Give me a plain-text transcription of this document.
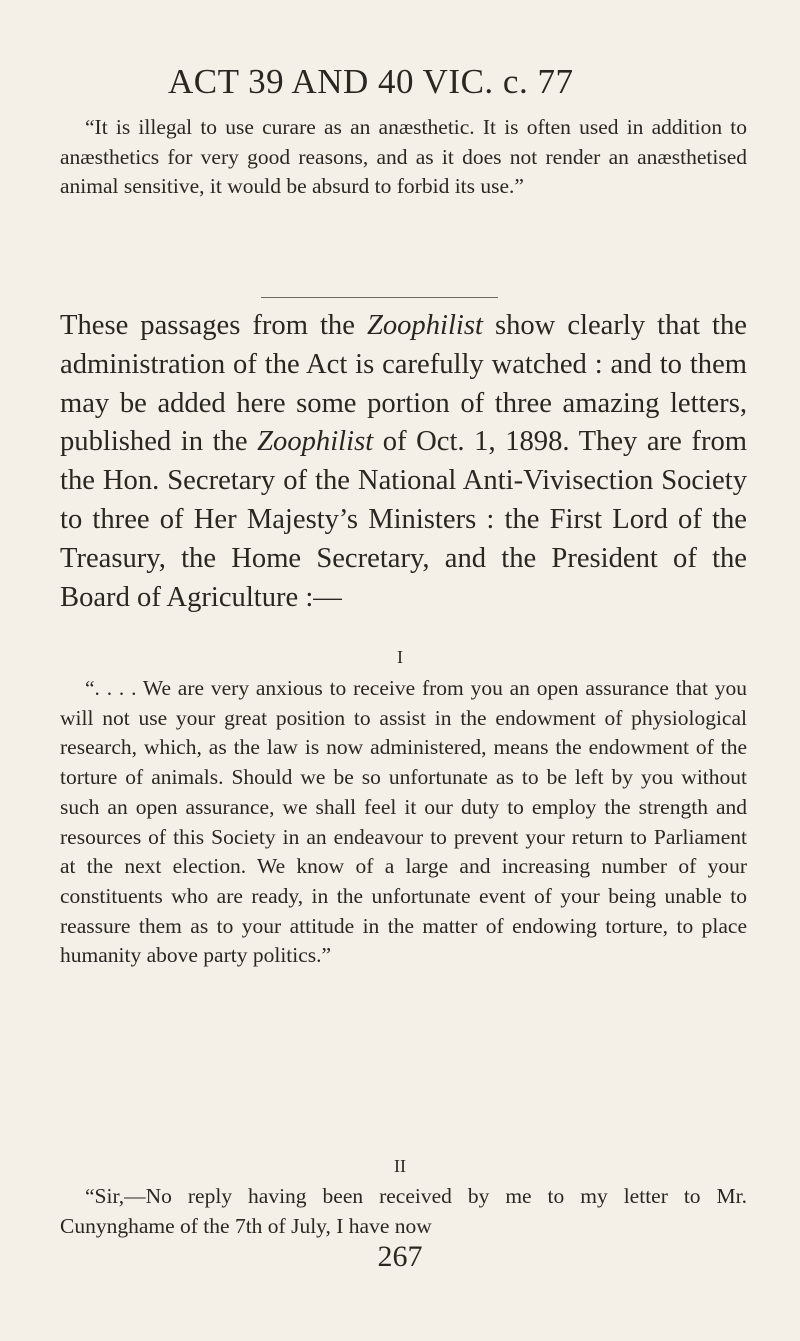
ACT 39 AND 40 VIC. c. 77

“It is illegal to use curare as an anæsthetic. It is often used in addition to anæsthetics for very good reasons, and as it does not render an anæsthetised animal sensitive, it would be absurd to forbid its use.”

These passages from the Zoophilist show clearly that the administration of the Act is carefully watched : and to them may be added here some portion of three amazing letters, published in the Zoophilist of Oct. 1, 1898. They are from the Hon. Secretary of the National Anti-Vivisection Society to three of Her Majesty’s Ministers : the First Lord of the Treasury, the Home Secretary, and the President of the Board of Agriculture :—

I

“. . . . We are very anxious to receive from you an open assurance that you will not use your great position to assist in the endowment of physiological research, which, as the law is now administered, means the endowment of the torture of animals. Should we be so unfortunate as to be left by you without such an open assurance, we shall feel it our duty to employ the strength and resources of this Society in an endeavour to prevent your return to Parliament at the next election. We know of a large and increasing number of your constituents who are ready, in the unfortunate event of your being unable to reassure them as to your attitude in the matter of endowing torture, to place humanity above party politics.”

II

“Sir,—No reply having been received by me to my letter to Mr. Cunynghame of the 7th of July, I have now

267
